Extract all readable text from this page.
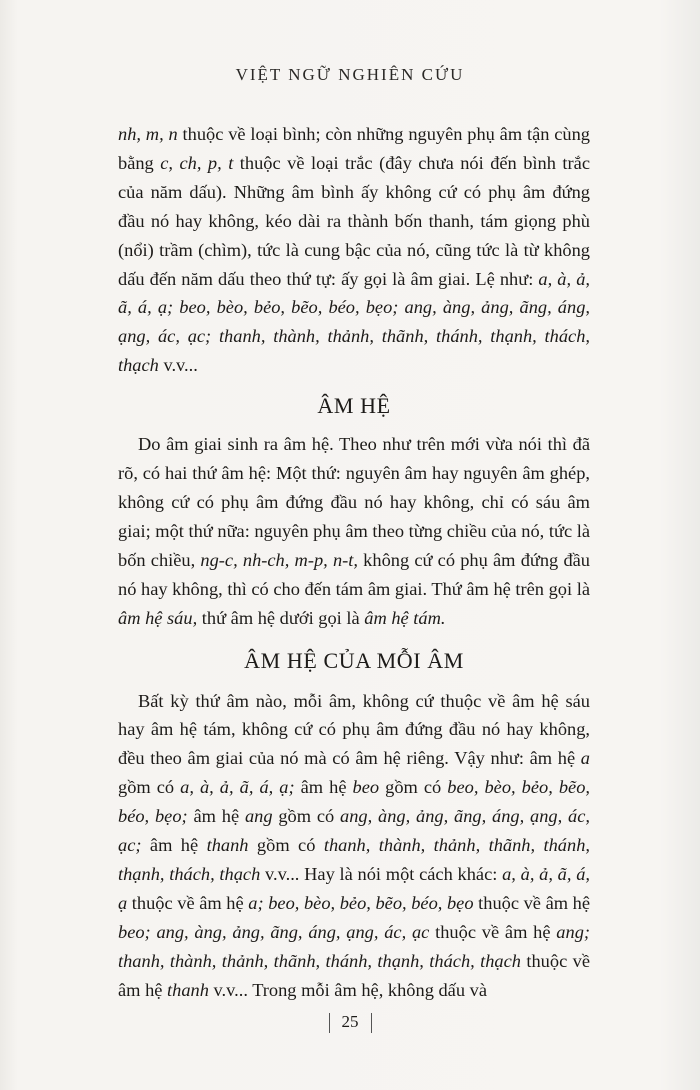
VIỆT NGỮ NGHIÊN CỨU

nh, m, n thuộc về loại bình; còn những nguyên phụ âm tận cùng bằng c, ch, p, t thuộc về loại trắc (đây chưa nói đến bình trắc của năm dấu). Những âm bình ấy không cứ có phụ âm đứng đầu nó hay không, kéo dài ra thành bốn thanh, tám giọng phù (nổi) trầm (chìm), tức là cung bậc của nó, cũng tức là từ không dấu đến năm dấu theo thứ tự: ấy gọi là âm giai. Lệ như: a, à, ả, ã, á, ạ; beo, bèo, bẻo, bẽo, béo, bẹo; ang, àng, ảng, ãng, áng, ạng, ác, ạc; thanh, thành, thảnh, thãnh, thánh, thạnh, thách, thạch v.v...

ÂM HỆ

Do âm giai sinh ra âm hệ. Theo như trên mới vừa nói thì đã rõ, có hai thứ âm hệ: Một thứ: nguyên âm hay nguyên âm ghép, không cứ có phụ âm đứng đầu nó hay không, chỉ có sáu âm giai; một thứ nữa: nguyên phụ âm theo từng chiều của nó, tức là bốn chiều, ng-c, nh-ch, m-p, n-t, không cứ có phụ âm đứng đầu nó hay không, thì có cho đến tám âm giai. Thứ âm hệ trên gọi là âm hệ sáu, thứ âm hệ dưới gọi là âm hệ tám.

ÂM HỆ CỦA MỖI ÂM

Bất kỳ thứ âm nào, mỗi âm, không cứ thuộc về âm hệ sáu hay âm hệ tám, không cứ có phụ âm đứng đầu nó hay không, đều theo âm giai của nó mà có âm hệ riêng. Vậy như: âm hệ a gồm có a, à, ả, ã, á, ạ; âm hệ beo gồm có beo, bèo, bẻo, bẽo, béo, bẹo; âm hệ ang gồm có ang, àng, ảng, ãng, áng, ạng, ác, ạc; âm hệ thanh gồm có thanh, thành, thảnh, thãnh, thánh, thạnh, thách, thạch v.v... Hay là nói một cách khác: a, à, ả, ã, á, ạ thuộc về âm hệ a; beo, bèo, bẻo, bẽo, béo, bẹo thuộc về âm hệ beo; ang, àng, ảng, ãng, áng, ạng, ác, ạc thuộc về âm hệ ang; thanh, thành, thảnh, thãnh, thánh, thạnh, thách, thạch thuộc về âm hệ thanh v.v... Trong mỗi âm hệ, không dấu và

25
